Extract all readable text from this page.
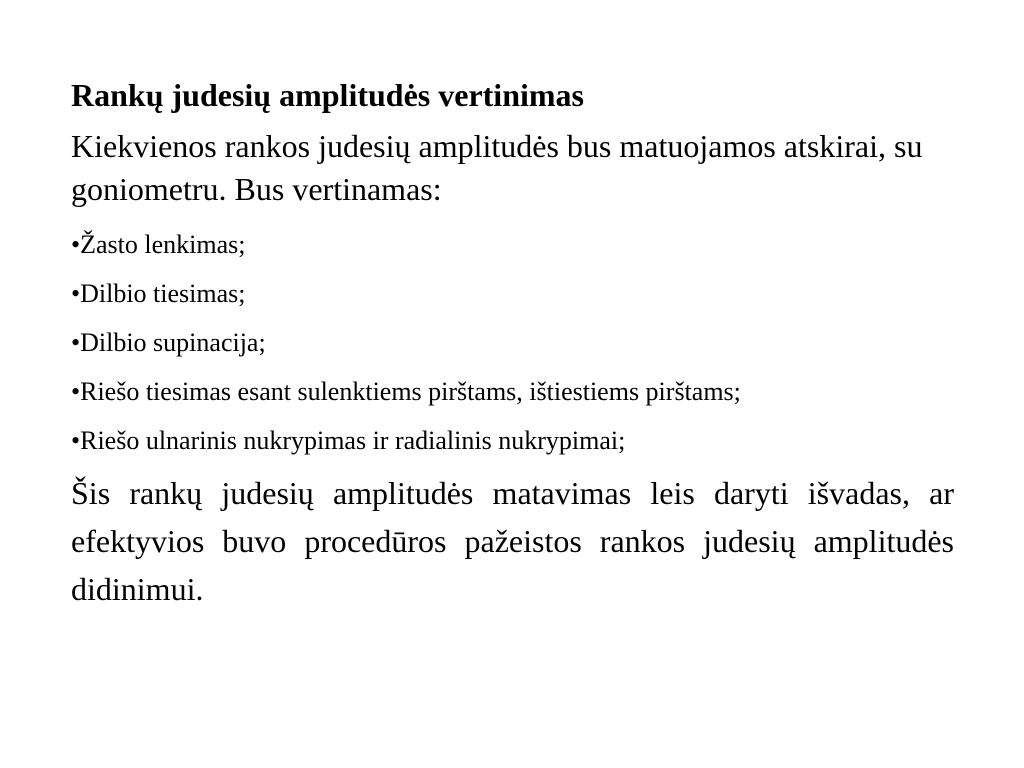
Rankų judesių amplitudės vertinimas

Kiekvienos rankos judesių amplitudės bus matuojamos atskirai, su goniometru. Bus vertinamas:

•Žasto lenkimas;
•Dilbio tiesimas;
•Dilbio supinacija;
•Riešo tiesimas esant sulenktiems pirštams, ištiestiems pirštams;
•Riešo ulnarinis nukrypimas ir radialinis nukrypimai;

Šis rankų judesių amplitudės matavimas leis daryti išvadas, ar efektyvios buvo procedūros pažeistos rankos judesių amplitudės didinimui.
